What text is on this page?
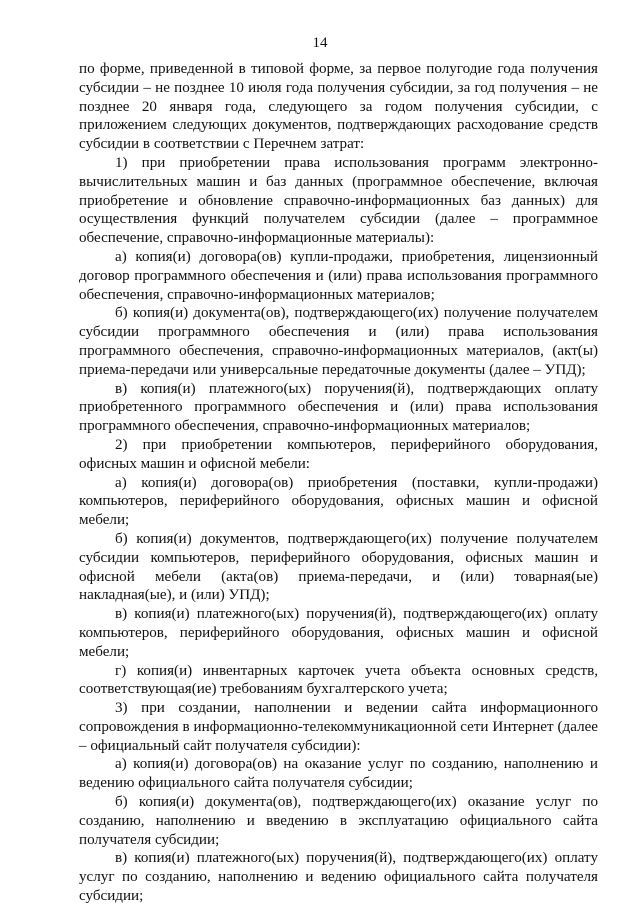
14

по форме, приведенной в типовой форме, за первое полугодие года получения субсидии – не позднее 10 июля года получения субсидии, за год получения – не позднее 20 января года, следующего за годом получения субсидии, с приложением следующих документов, подтверждающих расходование средств субсидии в соответствии с Перечнем затрат:

1) при приобретении права использования программ электронно-вычислительных машин и баз данных (программное обеспечение, включая приобретение и обновление справочно-информационных баз данных) для осуществления функций получателем субсидии (далее – программное обеспечение, справочно-информационные материалы):

а) копия(и) договора(ов) купли-продажи, приобретения, лицензионный договор программного обеспечения и (или) права использования программного обеспечения, справочно-информационных материалов;

б) копия(и) документа(ов), подтверждающего(их) получение получателем субсидии программного обеспечения и (или) права использования программного обеспечения, справочно-информационных материалов, (акт(ы) приема-передачи или универсальные передаточные документы (далее – УПД);

в) копия(и) платежного(ых) поручения(й), подтверждающих оплату приобретенного программного обеспечения и (или) права использования программного обеспечения, справочно-информационных материалов;

2) при приобретении компьютеров, периферийного оборудования, офисных машин и офисной мебели:

а) копия(и) договора(ов) приобретения (поставки, купли-продажи) компьютеров, периферийного оборудования, офисных машин и офисной мебели;

б) копия(и) документов, подтверждающего(их) получение получателем субсидии компьютеров, периферийного оборудования, офисных машин и офисной мебели (акта(ов) приема-передачи, и (или) товарная(ые) накладная(ые), и (или) УПД);

в) копия(и) платежного(ых) поручения(й), подтверждающего(их) оплату компьютеров, периферийного оборудования, офисных машин и офисной мебели;

г) копия(и) инвентарных карточек учета объекта основных средств, соответствующая(ие) требованиям бухгалтерского учета;

3) при создании, наполнении и ведении сайта информационного сопровождения в информационно-телекоммуникационной сети Интернет (далее – официальный сайт получателя субсидии):

а) копия(и) договора(ов) на оказание услуг по созданию, наполнению и ведению официального сайта получателя субсидии;

б) копия(и) документа(ов), подтверждающего(их) оказание услуг по созданию, наполнению и введению в эксплуатацию официального сайта получателя субсидии;

в) копия(и) платежного(ых) поручения(й), подтверждающего(их) оплату услуг по созданию, наполнению и ведению официального сайта получателя субсидии;
